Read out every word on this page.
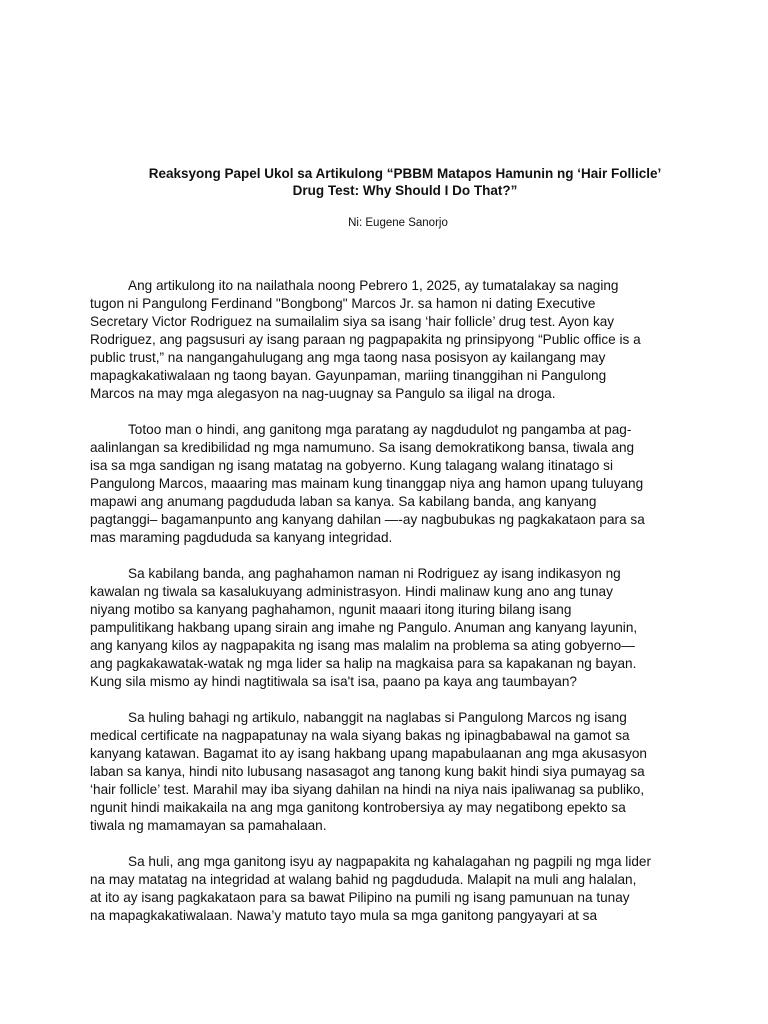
Reaksyong Papel Ukol sa Artikulong “PBBM Matapos Hamunin ng ‘Hair Follicle’
Drug Test: Why Should I Do That?”

Ni: Eugene Sanorjo

Ang artikulong ito na nailathala noong Pebrero 1, 2025, ay tumatalakay sa naging
tugon ni Pangulong Ferdinand "Bongbong" Marcos Jr. sa hamon ni dating Executive
Secretary Victor Rodriguez na sumailalim siya sa isang ‘hair follicle’ drug test. Ayon kay
Rodriguez, ang pagsusuri ay isang paraan ng pagpapakita ng prinsipyong “Public office is a
public trust,” na nangangahulugang ang mga taong nasa posisyon ay kailangang may
mapagkakatiwalaan ng taong bayan. Gayunpaman, mariing tinanggihan ni Pangulong
Marcos na may mga alegasyon na nag-uugnay sa Pangulo sa iligal na droga.

Totoo man o hindi, ang ganitong mga paratang ay nagdudulot ng pangamba at pag-
aalinlangan sa kredibilidad ng mga namumuno. Sa isang demokratikong bansa, tiwala ang
isa sa mga sandigan ng isang matatag na gobyerno. Kung talagang walang itinatago si
Pangulong Marcos, maaaring mas mainam kung tinanggap niya ang hamon upang tuluyang
mapawi ang anumang pagdududa laban sa kanya. Sa kabilang banda, ang kanyang
pagtanggi– bagamanpunto ang kanyang dahilan —-ay nagbubukas ng pagkakataon para sa
mas maraming pagdududa sa kanyang integridad.

Sa kabilang banda, ang paghahamon naman ni Rodriguez ay isang indikasyon ng
kawalan ng tiwala sa kasalukuyang administrasyon. Hindi malinaw kung ano ang tunay
niyang motibo sa kanyang paghahamon, ngunit maaari itong ituring bilang isang
pampulitikang hakbang upang sirain ang imahe ng Pangulo. Anuman ang kanyang layunin,
ang kanyang kilos ay nagpapakita ng isang mas malalim na problema sa ating gobyerno—
ang pagkakawatak-watak ng mga lider sa halip na magkaisa para sa kapakanan ng bayan.
Kung sila mismo ay hindi nagtitiwala sa isa't isa, paano pa kaya ang taumbayan?

Sa huling bahagi ng artikulo, nabanggit na naglabas si Pangulong Marcos ng isang
medical certificate na nagpapatunay na wala siyang bakas ng ipinagbabawal na gamot sa
kanyang katawan. Bagamat ito ay isang hakbang upang mapabulaanan ang mga akusasyon
laban sa kanya, hindi nito lubusang nasasagot ang tanong kung bakit hindi siya pumayag sa
‘hair follicle’ test. Marahil may iba siyang dahilan na hindi na niya nais ipaliwanag sa publiko,
ngunit hindi maikakaila na ang mga ganitong kontrobersiya ay may negatibong epekto sa
tiwala ng mamamayan sa pamahalaan.

Sa huli, ang mga ganitong isyu ay nagpapakita ng kahalagahan ng pagpili ng mga lider
na may matatag na integridad at walang bahid ng pagdududa. Malapit na muli ang halalan,
at ito ay isang pagkakataon para sa bawat Pilipino na pumili ng isang pamunuan na tunay
na mapagkakatiwalaan. Nawa’y matuto tayo mula sa mga ganitong pangyayari at sa
